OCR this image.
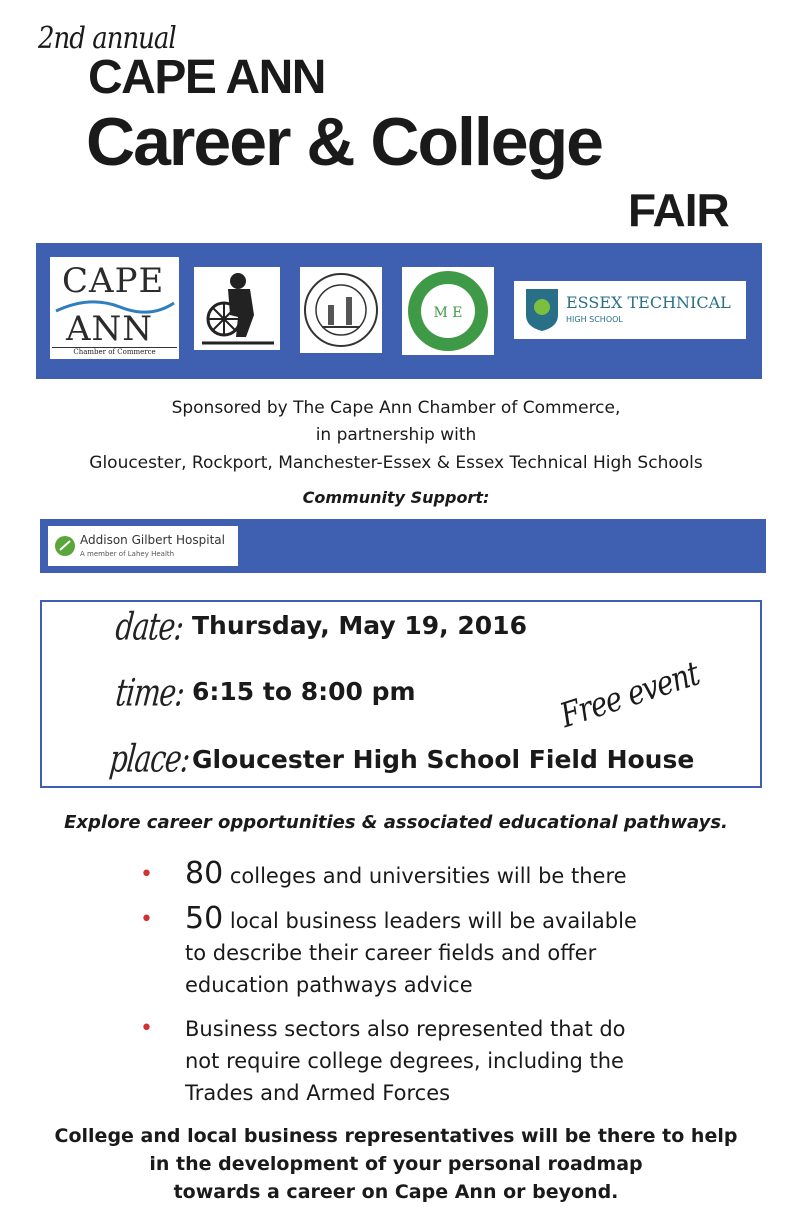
2nd annual
CAPE ANN
Career & College
FAIR
CAPE
ANN
Chamber of Commerce
M E
ESSEX TECHNICAL
HIGH SCHOOL
Sponsored by The Cape Ann Chamber of Commerce,
in partnership with
Gloucester, Rockport, Manchester-Essex & Essex Technical High Schools
Community Support:
Addison Gilbert Hospital
A member of Lahey Health
date: Thursday, May 19, 2016
time: 6:15 to 8:00 pm
place: Gloucester High School Field House
Free event
Explore career opportunities & associated educational pathways.
• 80 colleges and universities will be there
• 50 local business leaders will be available
to describe their career fields and offer
education pathways advice
• Business sectors also represented that do
not require college degrees, including the
Trades and Armed Forces
College and local business representatives will be there to help
in the development of your personal roadmap
towards a career on Cape Ann or beyond.
